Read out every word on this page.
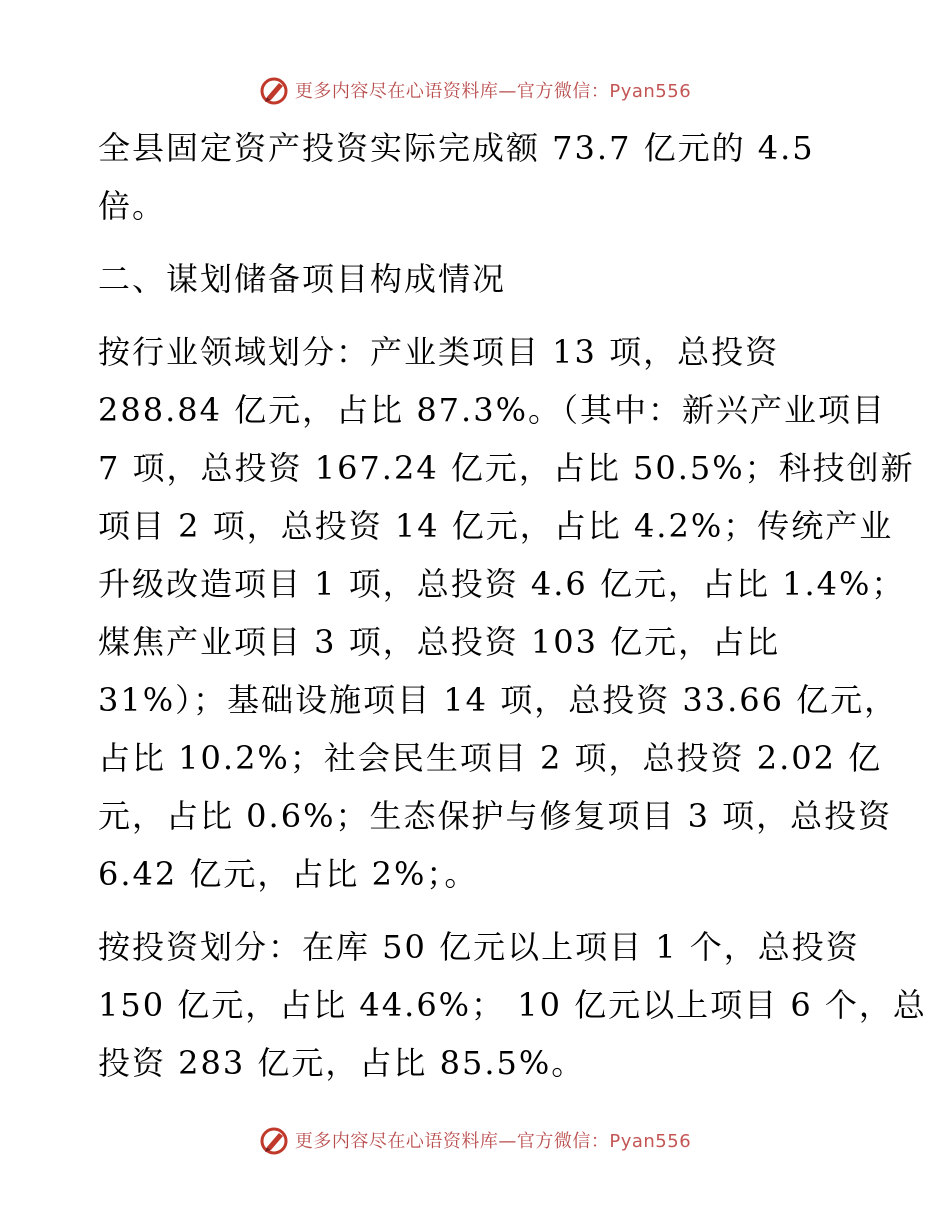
更多内容尽在心语资料库—官方微信：Pyan556
全县固定资产投资实际完成额 73.7 亿元的 4.5
倍。
二、谋划储备项目构成情况
按行业领域划分：产业类项目 13 项，总投资
288.84 亿元，占比 87.3%。（其中：新兴产业项目
7 项，总投资 167.24 亿元，占比 50.5%；科技创新
项目 2 项，总投资 14 亿元，占比 4.2%；传统产业
升级改造项目 1 项，总投资 4.6 亿元，占比 1.4%；
煤焦产业项目 3 项，总投资 103 亿元，占比
31%）；基础设施项目 14 项，总投资 33.66 亿元，
占比 10.2%；社会民生项目 2 项，总投资 2.02 亿
元，占比 0.6%；生态保护与修复项目 3 项，总投资
6.42 亿元，占比 2%；。
按投资划分：在库 50 亿元以上项目 1 个，总投资
150 亿元，占比 44.6%； 10 亿元以上项目 6 个，总
投资 283 亿元，占比 85.5%。
更多内容尽在心语资料库—官方微信：Pyan556
